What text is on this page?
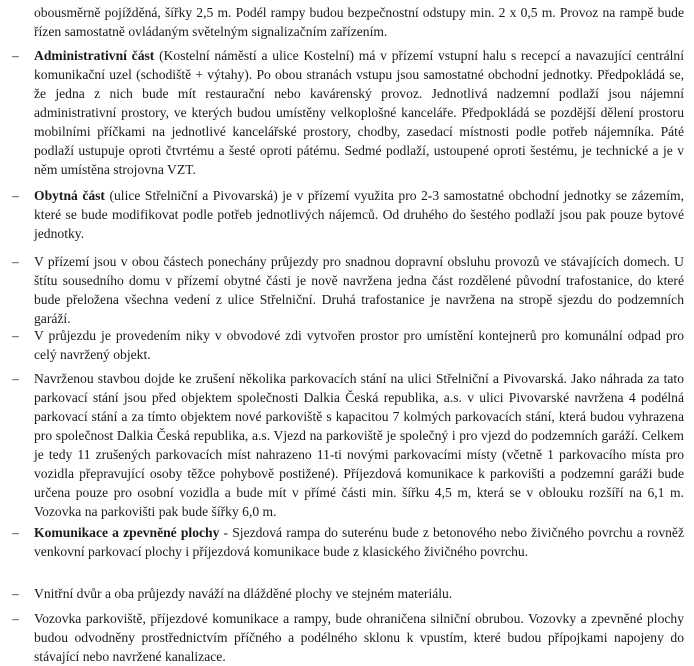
obousměrně pojížděná, šířky 2,5 m. Podél rampy budou bezpečnostní odstupy min. 2 x 0,5 m. Provoz na rampě bude řízen samostatně ovládaným světelným signalizačním zařízením.

–	Administrativní část (Kostelní náměstí a ulice Kostelní) má v přízemí vstupní halu s recepcí a navazující centrální komunikační uzel (schodiště + výtahy). Po obou stranách vstupu jsou samostatné obchodní jednotky. Předpokládá se, že jedna z nich bude mít restaurační nebo kavárenský provoz. Jednotlivá nadzemní podlaží jsou nájemní administrativní prostory, ve kterých budou umístěny velkoplošné kanceláře. Předpokládá se pozdější dělení prostoru mobilními příčkami na jednotlivé kancelářské prostory, chodby, zasedací místnosti podle potřeb nájemníka. Páté podlaží ustupuje oproti čtvrtému a šesté oproti pátému. Sedmé podlaží, ustoupené oproti šestému, je technické a je v něm umístěna strojovna VZT.

–	Obytná část (ulice Střelniční a Pivovarská) je v přízemí využita pro 2-3 samostatné obchodní jednotky se zázemím, které se bude modifikovat podle potřeb jednotlivých nájemců. Od druhého do šestého podlaží jsou pak pouze bytové jednotky.

–	V přízemí jsou v obou částech ponechány průjezdy pro snadnou dopravní obsluhu provozů ve stávajících domech. U štítu sousedního domu v přízemí obytné části je nově navržena jedna část rozdělené původní trafostanice, do které bude přeložena všechna vedení z ulice Střelniční. Druhá trafostanice je navržena na stropě sjezdu do podzemních garáží.

–	V průjezdu je provedením niky v obvodové zdi vytvořen prostor pro umístění kontejnerů pro komunální odpad pro celý navržený objekt.

–	Navrženou stavbou dojde ke zrušení několika parkovacích stání na ulici Střelniční a Pivovarská. Jako náhrada za tato parkovací stání jsou před objektem společnosti Dalkia Česká republika, a.s. v ulici Pivovarské navržena 4 podélná parkovací stání a za tímto objektem nové parkoviště s kapacitou 7 kolmých parkovacích stání, která budou vyhrazena pro společnost Dalkia Česká republika, a.s. Vjezd na parkoviště je společný i pro vjezd do podzemních garáží. Celkem je tedy 11 zrušených parkovacích míst nahrazeno 11-ti novými parkovacími místy (včetně 1 parkovacího místa pro vozidla přepravující osoby těžce pohybově postižené). Příjezdová komunikace k parkovišti a podzemní garáži bude určena pouze pro osobní vozidla a bude mít v přímé části min. šířku 4,5 m, která se v oblouku rozšíří na 6,1 m. Vozovka na parkovišti pak bude šířky 6,0 m.

–	Komunikace a zpevněné plochy - Sjezdová rampa do suterénu bude z betonového nebo živičného povrchu a rovněž venkovní parkovací plochy i příjezdová komunikace bude z klasického živičného povrchu.

–	Vnitřní dvůr a oba průjezdy naváží na dlážděné plochy ve stejném materiálu.

–	Vozovka parkoviště, příjezdové komunikace a rampy, bude ohraničena silniční obrubou. Vozovky a zpevněné plochy budou odvodněny prostřednictvím příčného a podélného sklonu k vpustím, které budou přípojkami napojeny do stávající nebo navržené kanalizace.
